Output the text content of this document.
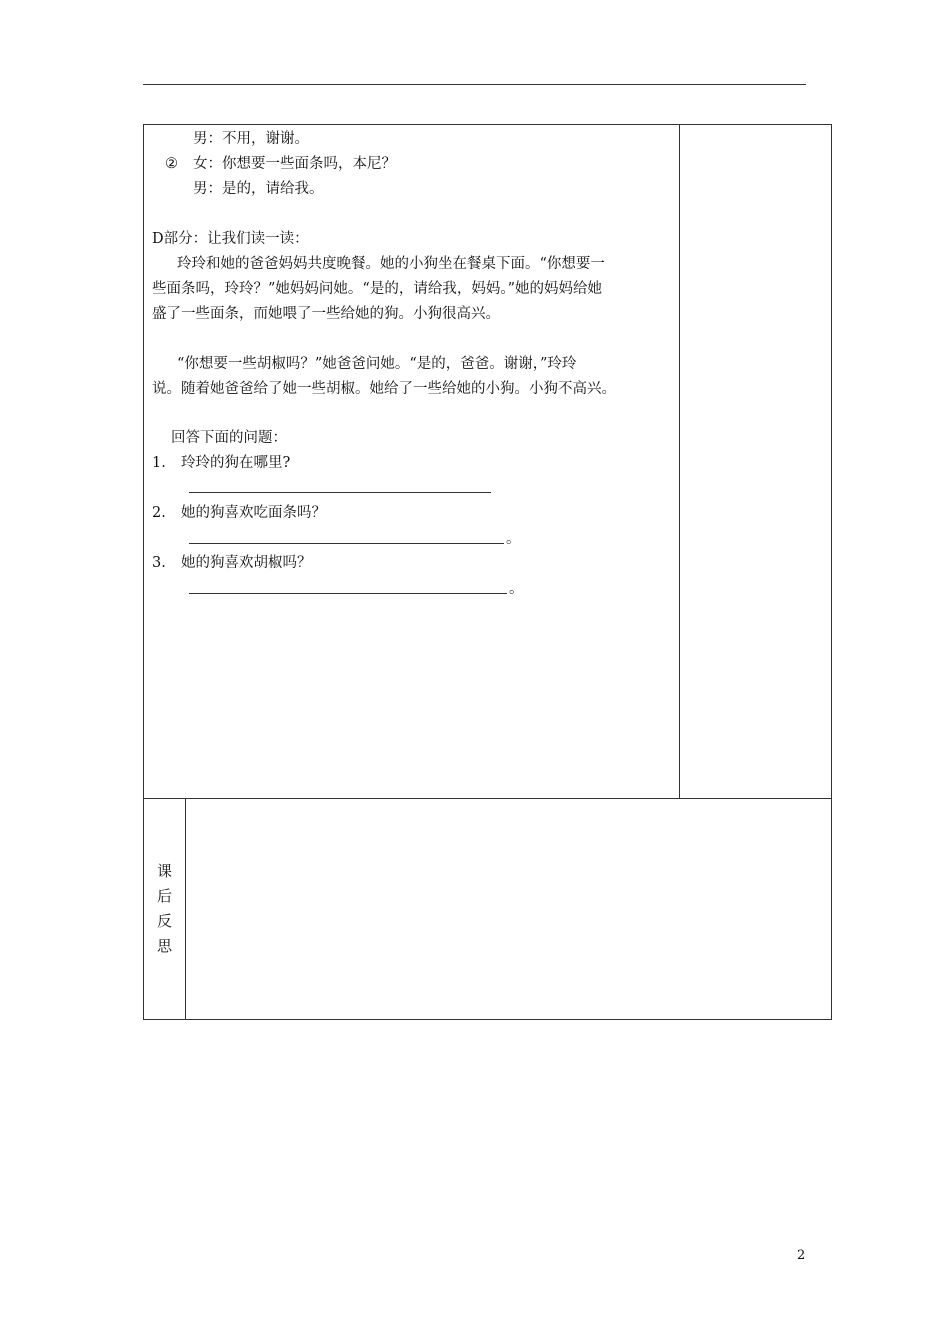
男：不用，谢谢。
② 女：你想要一些面条吗，本尼？
男：是的，请给我。
D部分：让我们读一读：
玲玲和她的爸爸妈妈共度晚餐。她的小狗坐在餐桌下面。“你想要一
些面条吗，玲玲？”她妈妈问她。“是的，请给我，妈妈。”她的妈妈给她
盛了一些面条，而她喂了一些给她的狗。小狗很高兴。
“你想要一些胡椒吗？”她爸爸问她。“是的，爸爸。谢谢，”玲玲
说。随着她爸爸给了她一些胡椒。她给了一些给她的小狗。小狗不高兴。
回答下面的问题：
1. 玲玲的狗在哪里?
2. 她的狗喜欢吃面条吗？
。
3. 她的狗喜欢胡椒吗？
。
课
后
反
思
2
